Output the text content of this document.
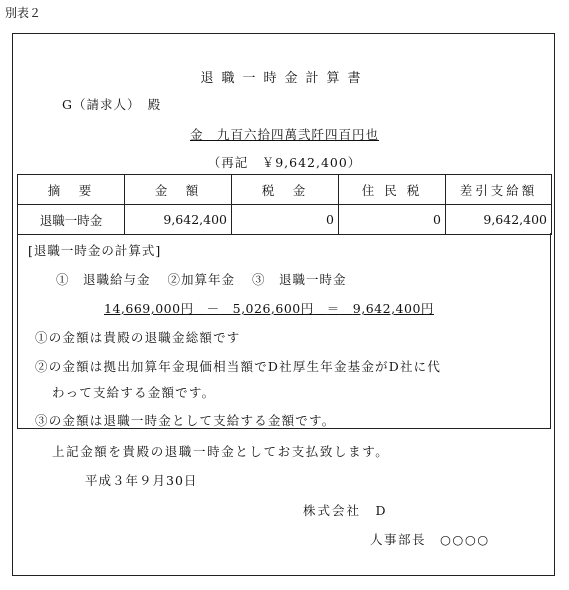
別表２
退職一時金計算書
G（請求人）　殿
金　九百六拾四萬弐阡四百円也
（再記　￥9,642,400）
摘　要	金　額	税　金	住 民 税	差引支給額
退職一時金	9,642,400	0	0	9,642,400
[退職一時金の計算式]
①　退職給与金 ②加算年金 ③　退職一時金
14,669,000円　 －　 5,026,600円　 ＝　 9,642,400円
①の金額は貴殿の退職金総額です
②の金額は拠出加算年金現価相当額でD社厚生年金基金がD社に代
わって支給する金額です。
③の金額は退職一時金として支給する金額です。
上記金額を貴殿の退職一時金としてお支払致します。
平成３年９月30日
株式会社　D
人事部長　○○○○
